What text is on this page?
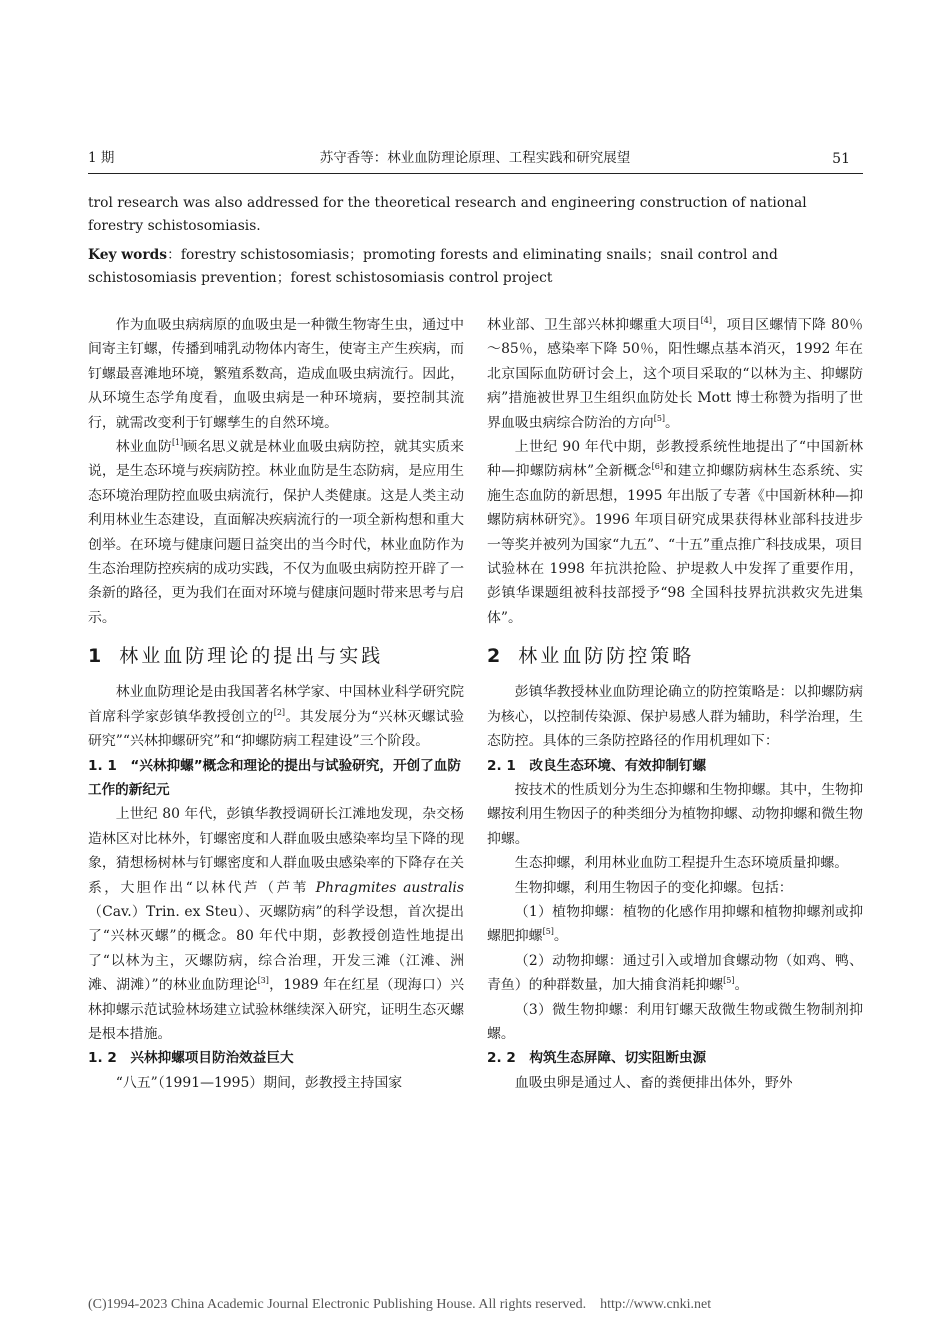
1 期	苏守香等：林业血防理论原理、工程实践和研究展望	51
trol research was also addressed for the theoretical research and engineering construction of national forestry schistosomiasis.
Key words：forestry schistosomiasis；promoting forests and eliminating snails；snail control and schistosomiasis prevention；forest schistosomiasis control project

作为血吸虫病病原的血吸虫是一种微生物寄生虫，通过中间寄主钉螺，传播到哺乳动物体内寄生，使寄主产生疾病，而钉螺最喜滩地环境，繁殖系数高，造成血吸虫病流行。因此，从环境生态学角度看，血吸虫病是一种环境病，要控制其流行，就需改变利于钉螺孳生的自然环境。

林业血防[1]顾名思义就是林业血吸虫病防控，就其实质来说，是生态环境与疾病防控。林业血防是生态防病，是应用生态环境治理防控血吸虫病流行，保护人类健康。这是人类主动利用林业生态建设，直面解决疾病流行的一项全新构想和重大创举。在环境与健康问题日益突出的当今时代，林业血防作为生态治理防控疾病的成功实践，不仅为血吸虫病防控开辟了一条新的路径，更为我们在面对环境与健康问题时带来思考与启示。

1 林业血防理论的提出与实践

林业血防理论是由我国著名林学家、中国林业科学研究院首席科学家彭镇华教授创立的[2]。其发展分为“兴林灭螺试验研究”“兴林抑螺研究”和“抑螺防病工程建设”三个阶段。

1. 1　“兴林抑螺”概念和理论的提出与试验研究，开创了血防工作的新纪元

上世纪 80 年代，彭镇华教授调研长江滩地发现，杂交杨造林区对比林外，钉螺密度和人群血吸虫感染率均呈下降的现象，猜想杨树林与钉螺密度和人群血吸虫感染率的下降存在关系，大胆作出“以林代芦（芦苇 Phragmites australis（Cav.）Trin. ex Steu）、灭螺防病”的科学设想，首次提出了“兴林灭螺”的概念。80 年代中期，彭教授创造性地提出了“以林为主，灭螺防病，综合治理，开发三滩（江滩、洲滩、湖滩）”的林业血防理论[3]，1989 年在红星（现海口）兴林抑螺示范试验林场建立试验林继续深入研究，证明生态灭螺是根本措施。

1. 2　兴林抑螺项目防治效益巨大

“八五”（1991—1995）期间，彭教授主持国家

林业部、卫生部兴林抑螺重大项目[4]，项目区螺情下降 80％～85％，感染率下降 50％，阳性螺点基本消灭，1992 年在北京国际血防研讨会上，这个项目采取的“以林为主、抑螺防病”措施被世界卫生组织血防处长 Mott 博士称赞为指明了世界血吸虫病综合防治的方向[5]。

上世纪 90 年代中期，彭教授系统性地提出了“中国新林种—抑螺防病林”全新概念[6]和建立抑螺防病林生态系统、实施生态血防的新思想，1995 年出版了专著《中国新林种—抑螺防病林研究》。1996 年项目研究成果获得林业部科技进步一等奖并被列为国家“九五”、“十五”重点推广科技成果，项目试验林在 1998 年抗洪抢险、护堤救人中发挥了重要作用，彭镇华课题组被科技部授予“98 全国科技界抗洪救灾先进集体”。

2 林业血防防控策略

彭镇华教授林业血防理论确立的防控策略是：以抑螺防病为核心，以控制传染源、保护易感人群为辅助，科学治理，生态防控。具体的三条防控路径的作用机理如下：

2. 1　改良生态环境、有效抑制钉螺

按技术的性质划分为生态抑螺和生物抑螺。其中，生物抑螺按利用生物因子的种类细分为植物抑螺、动物抑螺和微生物抑螺。

生态抑螺，利用林业血防工程提升生态环境质量抑螺。

生物抑螺，利用生物因子的变化抑螺。包括：

（1）植物抑螺：植物的化感作用抑螺和植物抑螺剂或抑螺肥抑螺[5]。

（2）动物抑螺：通过引入或增加食螺动物（如鸡、鸭、青鱼）的种群数量，加大捕食消耗抑螺[5]。

（3）微生物抑螺：利用钉螺天敌微生物或微生物制剂抑螺。

2. 2　构筑生态屏障、切实阻断虫源

血吸虫卵是通过人、畜的粪便排出体外，野外

(C)1994-2023 China Academic Journal Electronic Publishing House. All rights reserved. http://www.cnki.net
